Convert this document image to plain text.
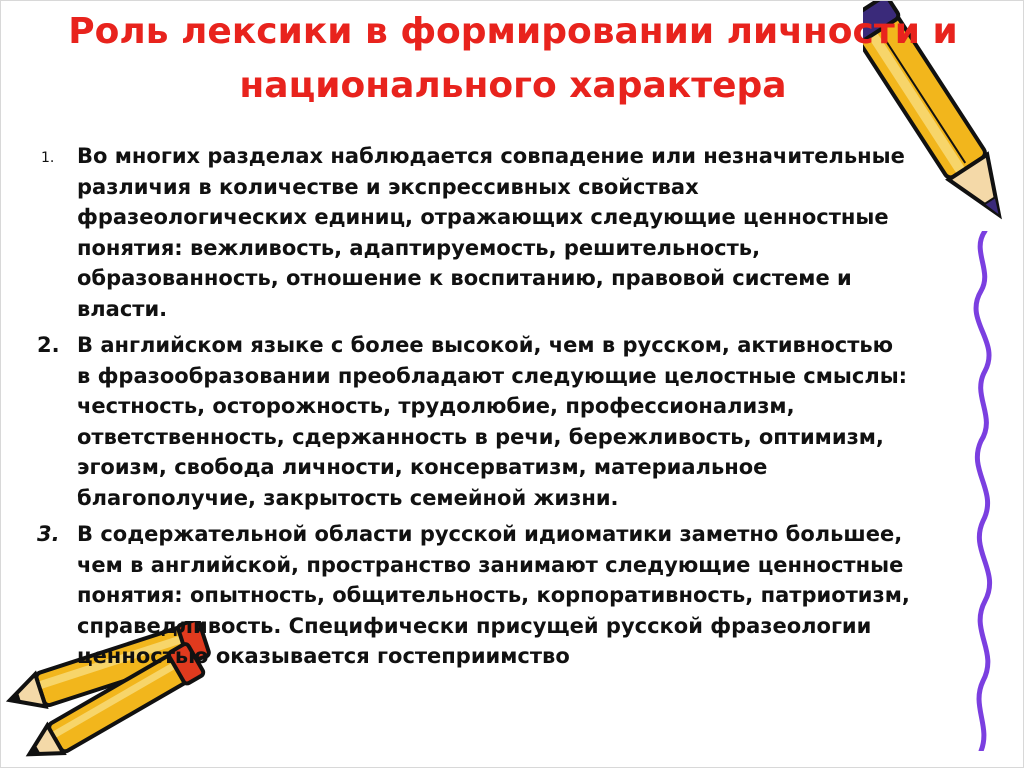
Роль лексики в формировании личности и
национального характера
1. Во многих разделах наблюдается совпадение или незначительные
различия в количестве и экспрессивных свойствах
фразеологических единиц, отражающих следующие ценностные
понятия: вежливость, адаптируемость, решительность,
образованность, отношение к воспитанию, правовой системе и
власти.
2. В английском языке с более высокой, чем в русском, активностью
в фразообразовании преобладают следующие целостные смыслы:
честность, осторожность, трудолюбие, профессионализм,
ответственность, сдержанность в речи, бережливость, оптимизм,
эгоизм, свобода личности, консерватизм, материальное
благополучие, закрытость семейной жизни.
3. В содержательной области русской идиоматики заметно большее,
чем в английской, пространство занимают следующие ценностные
понятия: опытность, общительность, корпоративность, патриотизм,
справедливость. Специфически присущей русской фразеологии
ценностью оказывается гостеприимство
